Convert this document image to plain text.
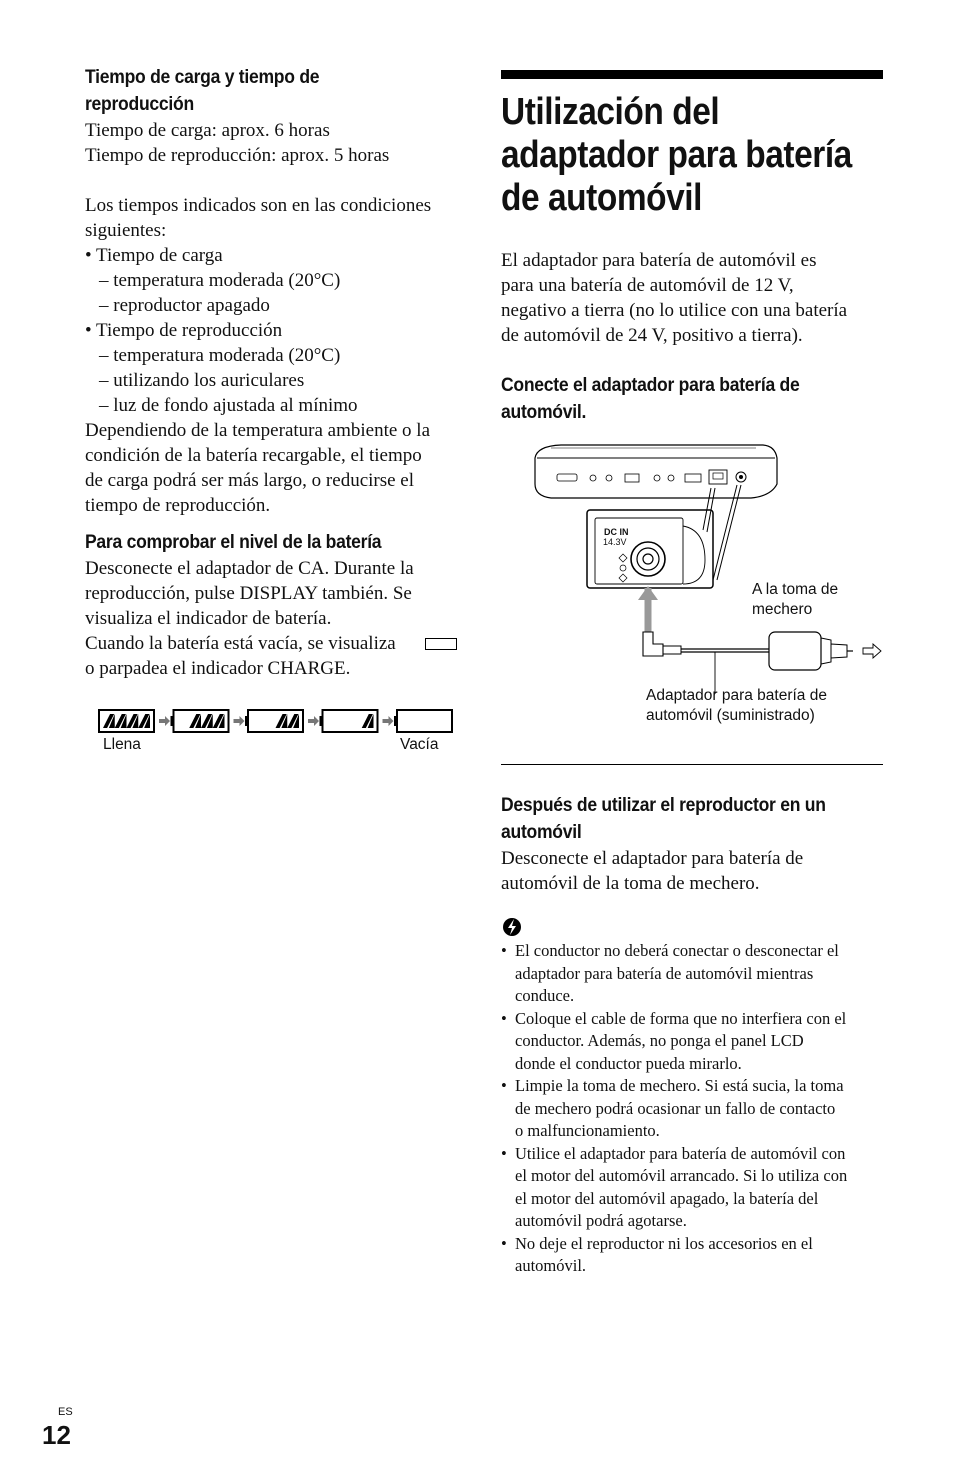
Tiempo de carga y tiempo de
reproducción
Tiempo de carga: aprox. 6 horas
Tiempo de reproducción: aprox. 5 horas
Los tiempos indicados son en las condiciones
siguientes:
• Tiempo de carga
– temperatura moderada (20°C)
– reproductor apagado
• Tiempo de reproducción
– temperatura moderada (20°C)
– utilizando los auriculares
– luz de fondo ajustada al mínimo
Dependiendo de la temperatura ambiente o la
condición de la batería recargable, el tiempo
de carga podrá ser más largo, o reducirse el
tiempo de reproducción.
Para comprobar el nivel de la batería
Desconecte el adaptador de CA. Durante la
reproducción, pulse DISPLAY también. Se
visualiza el indicador de batería.
Cuando la batería está vacía, se visualiza
o parpadea el indicador CHARGE.
Llena	Vacía
Utilización del
adaptador para batería
de automóvil
El adaptador para batería de automóvil es
para una batería de automóvil de 12 V,
negativo a tierra (no lo utilice con una batería
de automóvil de 24 V, positivo a tierra).
Conecte el adaptador para batería de
automóvil.
DC IN
14.3V
A la toma de
mechero
Adaptador para batería de
automóvil (suministrado)
Después de utilizar el reproductor en un
automóvil
Desconecte el adaptador para batería de
automóvil de la toma de mechero.
• El conductor no deberá conectar o desconectar el
adaptador para batería de automóvil mientras
conduce.
• Coloque el cable de forma que no interfiera con el
conductor. Además, no ponga el panel LCD
donde el conductor pueda mirarlo.
• Limpie la toma de mechero. Si está sucia, la toma
de mechero podrá ocasionar un fallo de contacto
o malfuncionamiento.
• Utilice el adaptador para batería de automóvil con
el motor del automóvil arrancado. Si lo utiliza con
el motor del automóvil apagado, la batería del
automóvil podrá agotarse.
• No deje el reproductor ni los accesorios en el
automóvil.
ES
12
